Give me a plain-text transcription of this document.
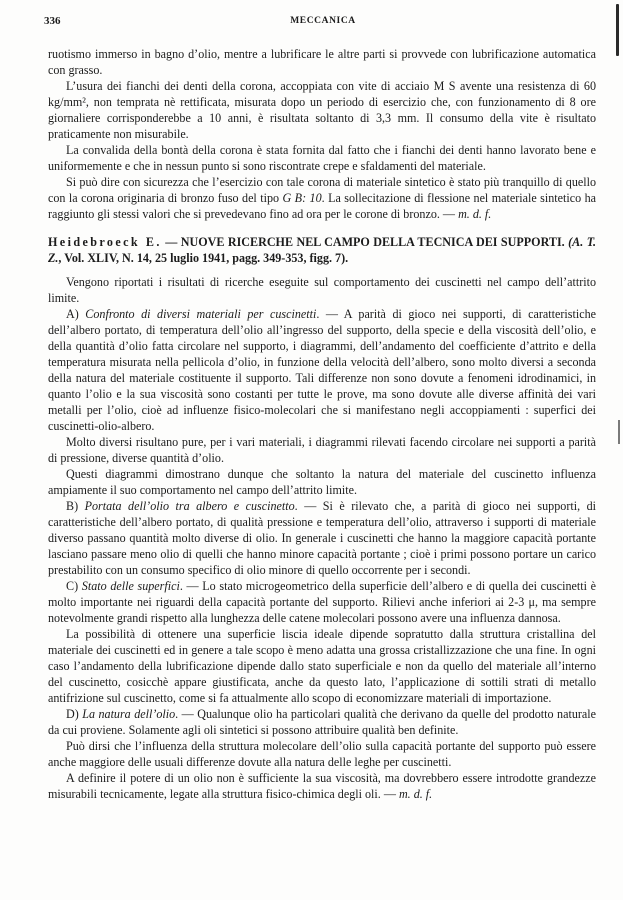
336	MECCANICA

ruotismo immerso in bagno d’olio, mentre a lubrificare le altre parti si provvede con lubrificazione automatica con grasso.

L’usura dei fianchi dei denti della corona, accoppiata con vite di acciaio M S avente una resistenza di 60 kg/mm², non temprata nè rettificata, misurata dopo un periodo di esercizio che, con funzionamento di 8 ore giornaliere corrisponderebbe a 10 anni, è risultata soltanto di 3,3 mm. Il consumo della vite è risultato praticamente non misurabile.

La convalida della bontà della corona è stata fornita dal fatto che i fianchi dei denti hanno lavorato bene e uniformemente e che in nessun punto si sono riscontrate crepe e sfaldamenti del materiale.

Si può dire con sicurezza che l’esercizio con tale corona di materiale sintetico è stato più tranquillo di quello con la corona originaria di bronzo fuso del tipo G B: 10. La sollecitazione di flessione nel materiale sintetico ha raggiunto gli stessi valori che si prevedevano fino ad ora per le corone di bronzo. — m. d. f.

Heidebroeck E. — NUOVE RICERCHE NEL CAMPO DELLA TECNICA DEI SUPPORTI. (A. T. Z., Vol. XLIV, N. 14, 25 luglio 1941, pagg. 349-353, figg. 7).

Vengono riportati i risultati di ricerche eseguite sul comportamento dei cuscinetti nel campo dell’attrito limite.

A) Confronto di diversi materiali per cuscinetti. — A parità di gioco nei supporti, di caratteristiche dell’albero portato, di temperatura dell’olio all’ingresso del supporto, della specie e della viscosità dell’olio, e della quantità d’olio fatta circolare nel supporto, i diagrammi, dell’andamento del coefficiente d’attrito e della temperatura misurata nella pellicola d’olio, in funzione della velocità dell’albero, sono molto diversi a seconda della natura del materiale costituente il supporto. Tali differenze non sono dovute a fenomeni idrodinamici, in quanto l’olio e la sua viscosità sono costanti per tutte le prove, ma sono dovute alle diverse affinità dei vari metalli per l’olio, cioè ad influenze fisico-molecolari che si manifestano negli accoppiamenti : superfici dei cuscinetti-olio-albero.

Molto diversi risultano pure, per i vari materiali, i diagrammi rilevati facendo circolare nei supporti a parità di pressione, diverse quantità d’olio.

Questi diagrammi dimostrano dunque che soltanto la natura del materiale del cuscinetto influenza ampiamente il suo comportamento nel campo dell’attrito limite.

B) Portata dell’olio tra albero e cuscinetto. — Si è rilevato che, a parità di gioco nei supporti, di caratteristiche dell’albero portato, di qualità pressione e temperatura dell’olio, attraverso i supporti di materiale diverso passano quantità molto diverse di olio. In generale i cuscinetti che hanno la maggiore capacità portante lasciano passare meno olio di quelli che hanno minore capacità portante ; cioè i primi possono portare un carico prestabilito con un consumo specifico di olio minore di quello occorrente per i secondi.

C) Stato delle superfici. — Lo stato microgeometrico della superficie dell’albero e di quella dei cuscinetti è molto importante nei riguardi della capacità portante del supporto. Rilievi anche inferiori ai 2-3 μ, ma sempre notevolmente grandi rispetto alla lunghezza delle catene molecolari possono avere una influenza dannosa.

La possibilità di ottenere una superficie liscia ideale dipende sopratutto dalla struttura cristallina del materiale dei cuscinetti ed in genere a tale scopo è meno adatta una grossa cristallizzazione che una fine. In ogni caso l’andamento della lubrificazione dipende dallo stato superficiale e non da quello del materiale all’interno del cuscinetto, cosicchè appare giustificata, anche da questo lato, l’applicazione di sottili strati di metallo antifrizione sul cuscinetto, come si fa attualmente allo scopo di economizzare materiali di importazione.

D) La natura dell’olio. — Qualunque olio ha particolari qualità che derivano da quelle del prodotto naturale da cui proviene. Solamente agli oli sintetici si possono attribuire qualità ben definite.

Può dirsi che l’influenza della struttura molecolare dell’olio sulla capacità portante del supporto può essere anche maggiore delle usuali differenze dovute alla natura delle leghe per cuscinetti.

A definire il potere di un olio non è sufficiente la sua viscosità, ma dovrebbero essere introdotte grandezze misurabili tecnicamente, legate alla struttura fisico-chimica degli oli. — m. d. f.
